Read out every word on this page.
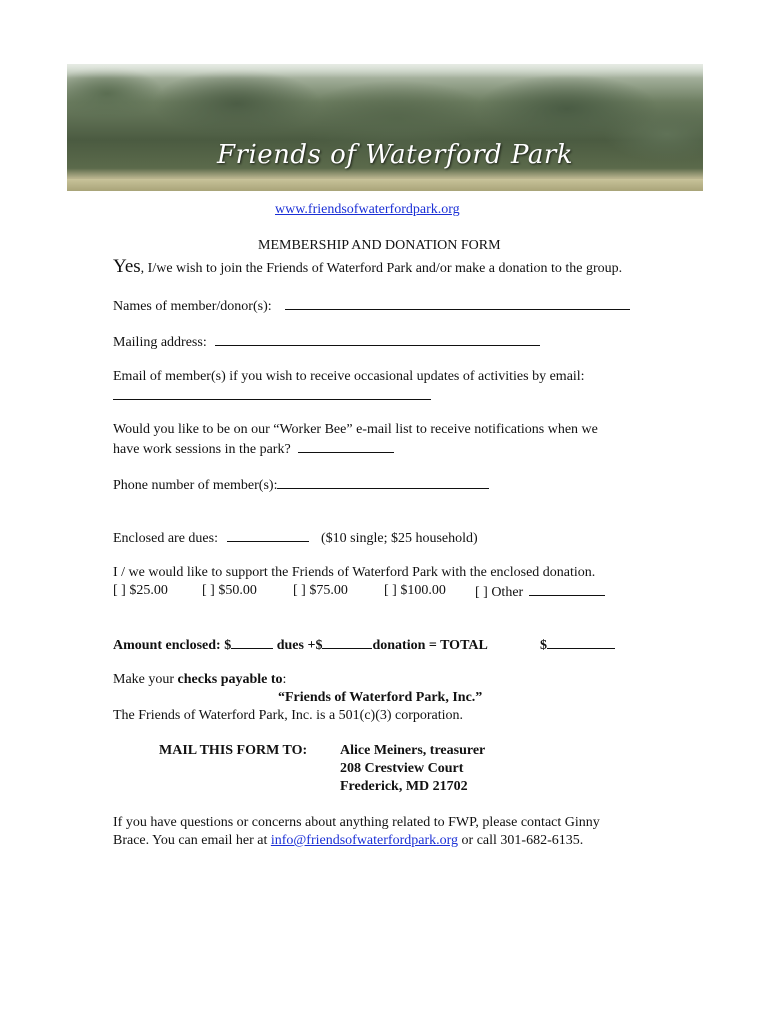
Friends of Waterford Park
www.friendsofwaterfordpark.org
MEMBERSHIP AND DONATION FORM
Yes, I/we wish to join the Friends of Waterford Park and/or make a donation to the group.
Names of member/donor(s):
Mailing address:
Email of member(s) if you wish to receive occasional updates of activities by email:
Would you like to be on our “Worker Bee” e-mail list to receive notifications when we
have work sessions in the park?
Phone number of member(s):
Enclosed are dues:	($10 single; $25 household)
I / we would like to support the Friends of Waterford Park with the enclosed donation.
[ ] $25.00 [ ] $50.00	[ ] $75.00	[ ] $100.00 [ ] Other
Amount enclosed: $	dues +$	donation = TOTAL	$
Make your checks payable to:
“Friends of Waterford Park, Inc.”
The Friends of Waterford Park, Inc. is a 501(c)(3) corporation.
MAIL THIS FORM TO: Alice Meiners, treasurer
208 Crestview Court
Frederick, MD 21702
If you have questions or concerns about anything related to FWP, please contact Ginny
Brace. You can email her at info@friendsofwaterfordpark.org or call 301-682-6135.
